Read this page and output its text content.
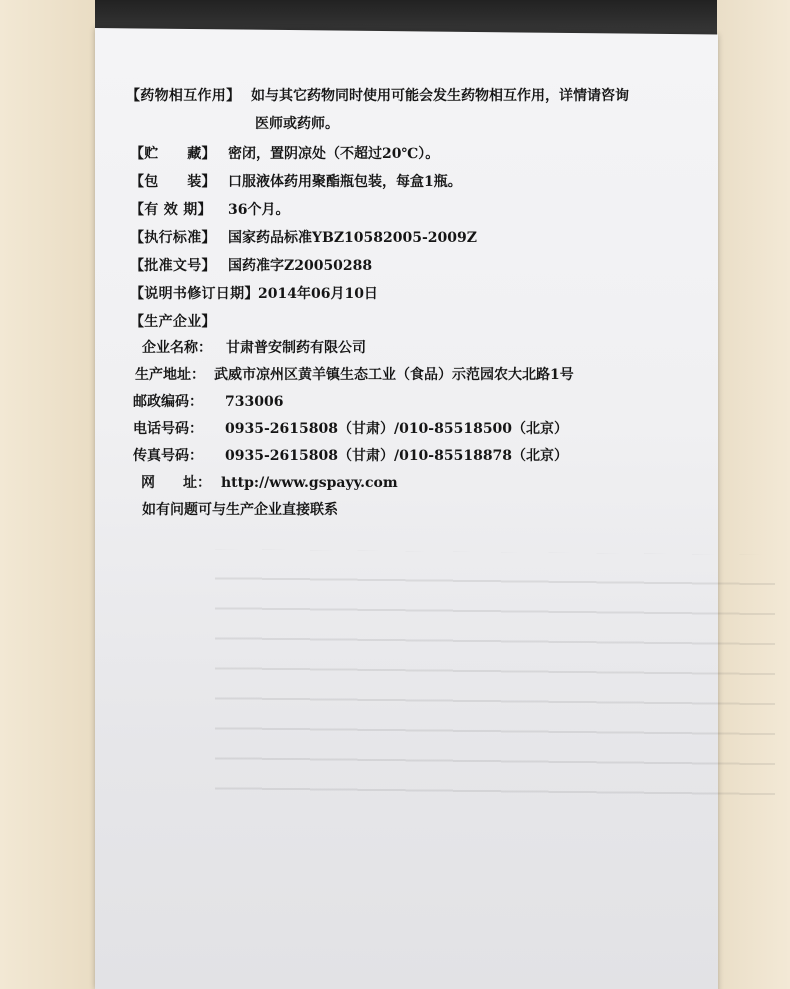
【药物相互作用】 如与其它药物同时使用可能会发生药物相互作用，详情请咨询
医师或药师。
【贮　　藏】 密闭，置阴凉处（不超过20℃）。
【包　　装】 口服液体药用聚酯瓶包装，每盒1瓶。
【有 效 期】	36个月。
【执行标准】 国家药品标准YBZ10582005-2009Z
【批准文号】 国药准字Z20050288
【说明书修订日期】 2014年06月10日
【生产企业】
企业名称： 甘肃普安制药有限公司
生产地址： 武威市凉州区黄羊镇生态工业（食品）示范园农大北路1号
邮政编码： 733006
电话号码： 0935-2615808（甘肃）/010-85518500（北京）
传真号码： 0935-2615808（甘肃）/010-85518878（北京）
网　　址： http://www.gspayy.com
如有问题可与生产企业直接联系
